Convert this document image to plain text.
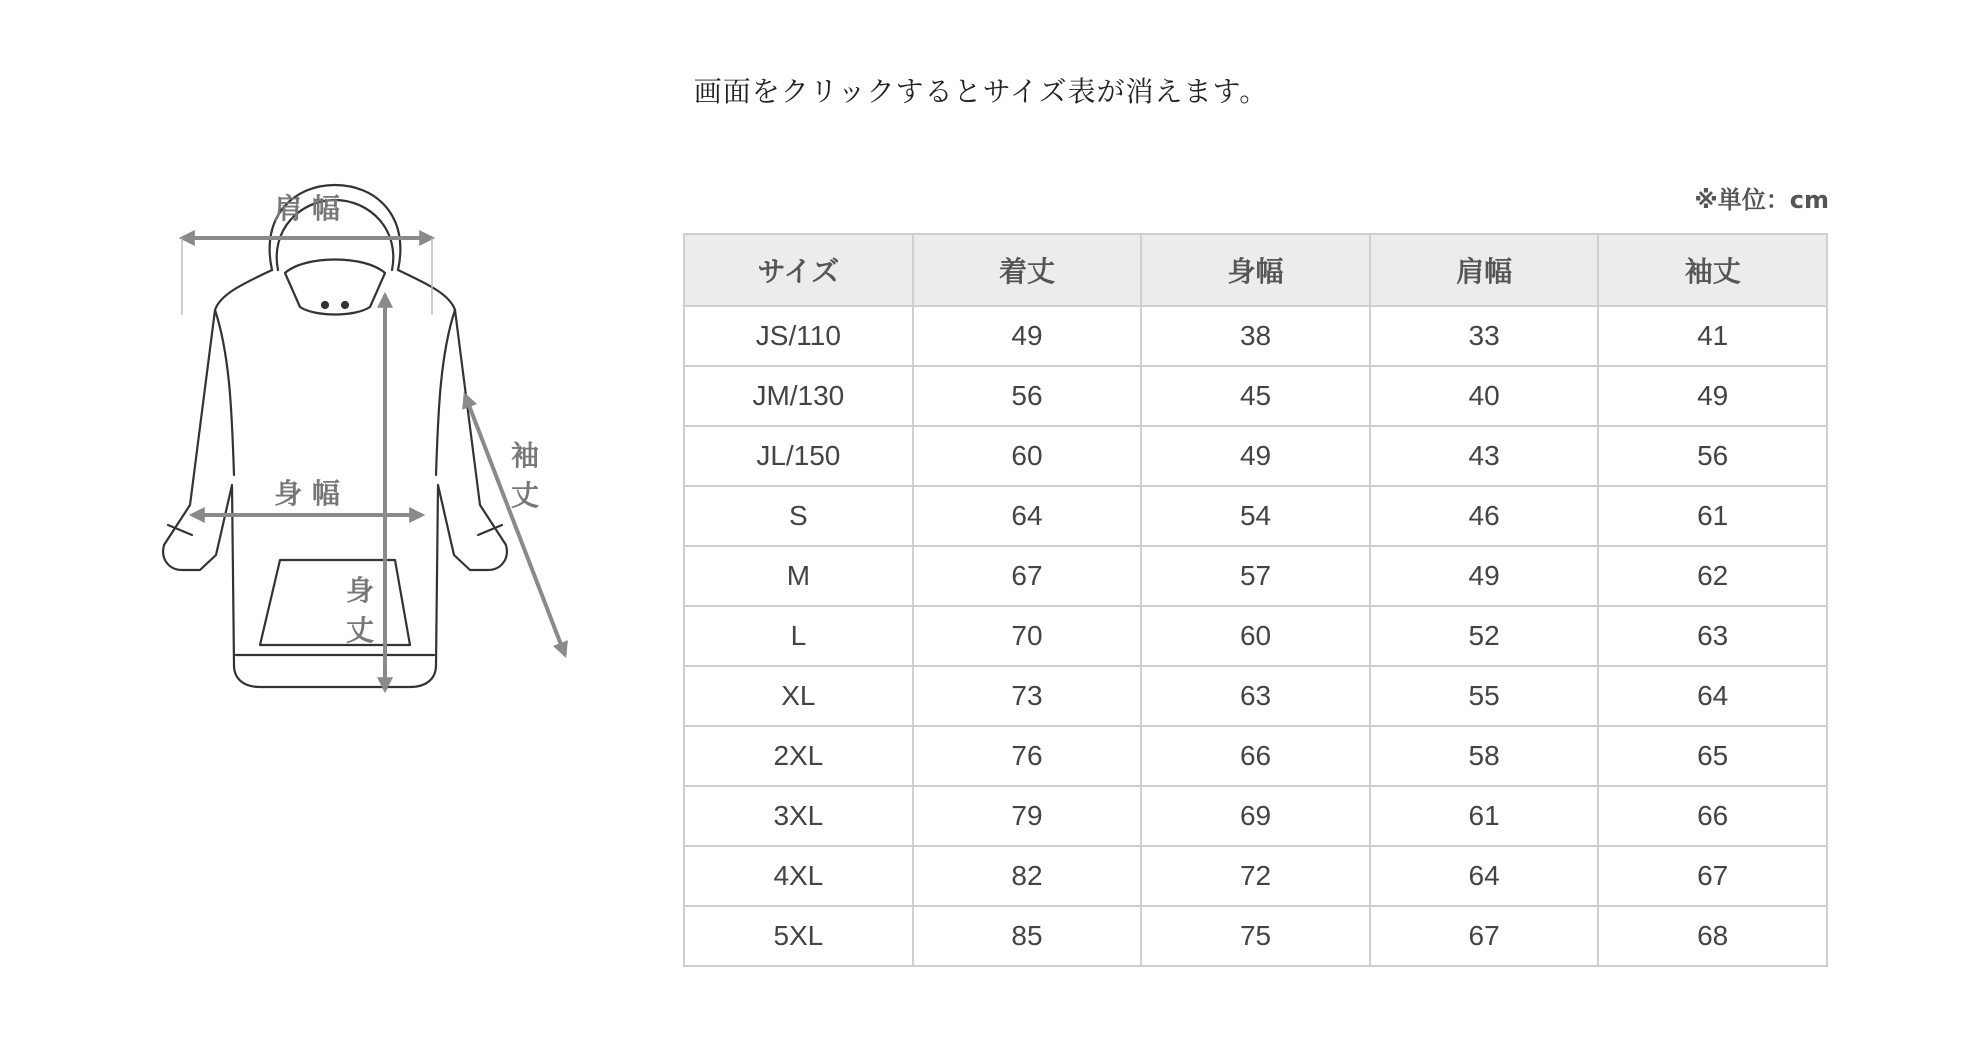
画面をクリックするとサイズ表が消えます。
肩 幅
身 幅
身
丈
袖
丈
※単位：cm
サイズ	着丈	身幅	肩幅	袖丈
JS/110	49	38	33	41
JM/130	56	45	40	49
JL/150	60	49	43	56
S	64	54	46	61
M	67	57	49	62
L	70	60	52	63
XL	73	63	55	64
2XL	76	66	58	65
3XL	79	69	61	66
4XL	82	72	64	67
5XL	85	75	67	68
